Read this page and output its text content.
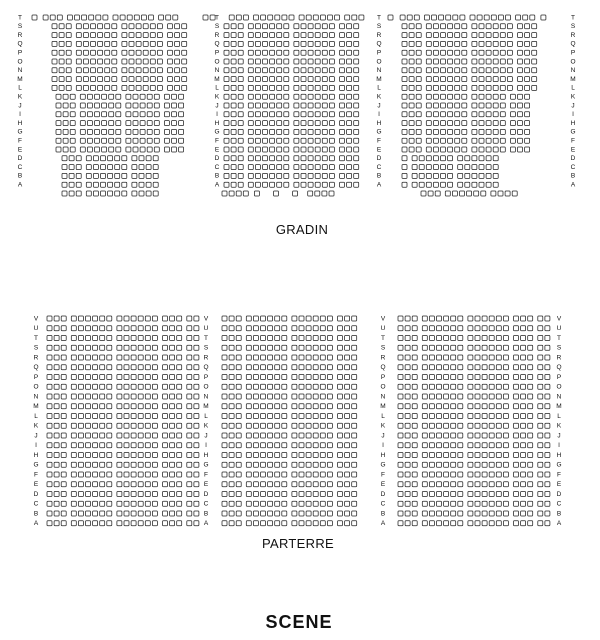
T	T	T	T
S	S	S	S
R	R	R	R
Q	Q	Q	Q
P	P	P	P
O	O	O	O
N	N	N	N
M	M	M	M
L	L	L	L
K	K	K	K
J	J	J	J
I	I	I	I
H	H	H	H
G	G	G	G
F	F	F	F
E	E	E	E
D	D	D	D
C	C	C	C
B	B	B	B
A	A	A	A
V	V	V	V
U	U	U	U
T	T	T	T
S	S	S	S
R	R	R	R
Q	Q	Q	Q
P	P	P	P
O	O	O	O
N	N	N	N
M	M	M	M
L	L	L	L
K	K	K	K
J	J	J	J
I	I	I	I
H	H	H	H
G	G	G	G
F	F	F	F
E	E	E	E
D	D	D	D
C	C	C	C
B	B	B	B
A	A	A	A
GRADIN
PARTERRE
SCENE
